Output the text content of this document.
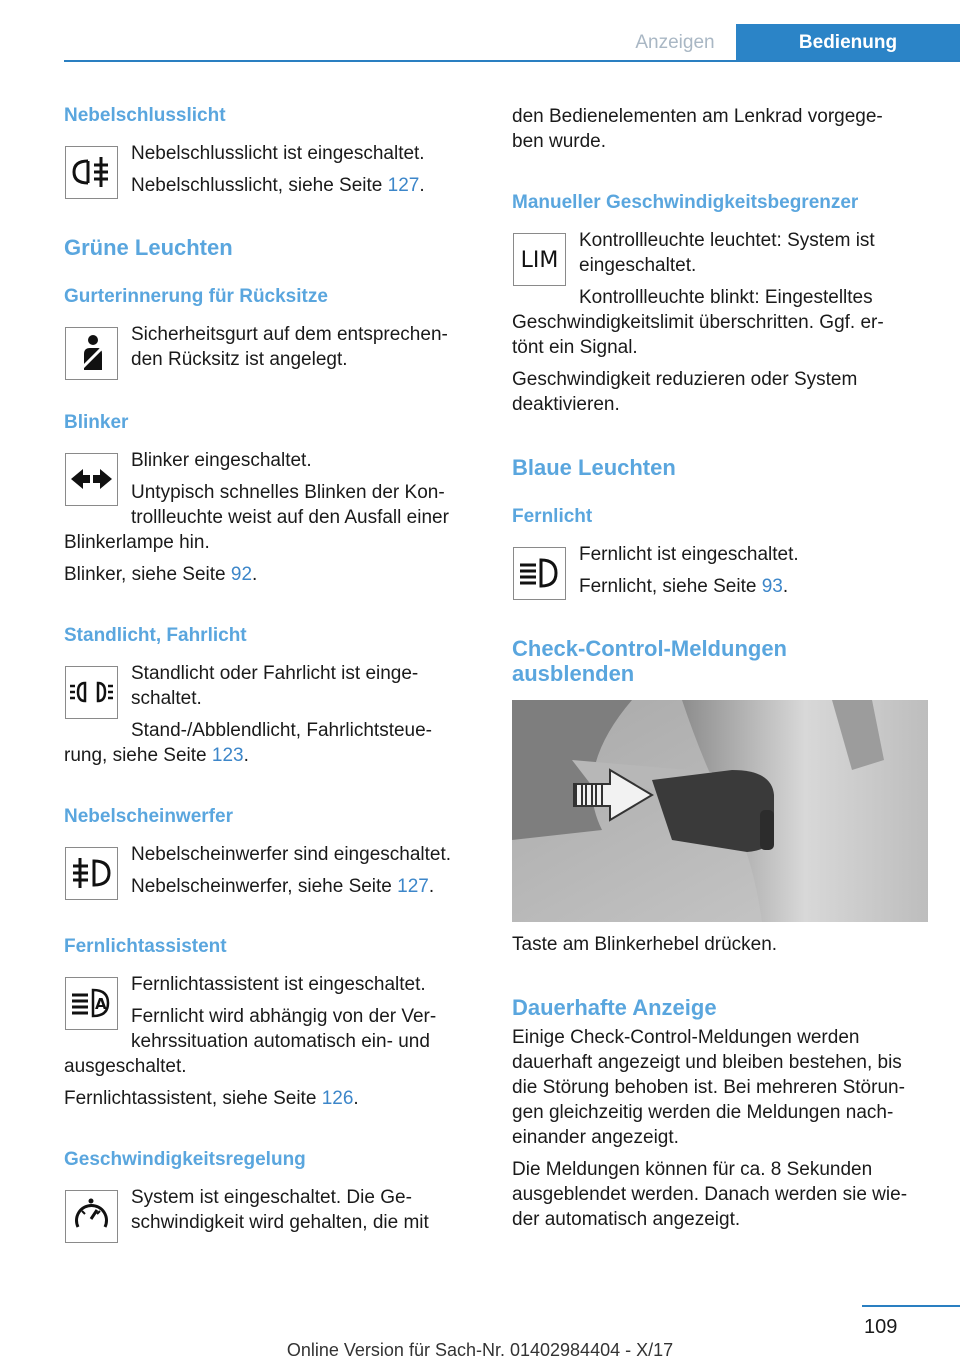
Anzeigen	Bedienung
Nebelschlusslicht
Nebelschlusslicht ist eingeschaltet.
Nebelschlusslicht, siehe Seite 127.
Grüne Leuchten
Gurterinnerung für Rücksitze
Sicherheitsgurt auf dem entsprechen‐
den Rücksitz ist angelegt.
Blinker
Blinker eingeschaltet.
Untypisch schnelles Blinken der Kon‐
trollleuchte weist auf den Ausfall einer
Blinkerlampe hin.
Blinker, siehe Seite 92.
Standlicht, Fahrlicht
Standlicht oder Fahrlicht ist einge‐
schaltet.
Stand-/Abblendlicht, Fahrlichtsteue‐
rung, siehe Seite 123.
Nebelscheinwerfer
Nebelscheinwerfer sind eingeschaltet.
Nebelscheinwerfer, siehe Seite 127.
Fernlichtassistent
A
Fernlichtassistent ist eingeschaltet.
Fernlicht wird abhängig von der Ver‐
kehrssituation automatisch ein- und
ausgeschaltet.
Fernlichtassistent, siehe Seite 126.
Geschwindigkeitsregelung
System ist eingeschaltet. Die Ge‐
schwindigkeit wird gehalten, die mit
den Bedienelementen am Lenkrad vorgege‐
ben wurde.
Manueller Geschwindigkeitsbegrenzer
LIM
Kontrollleuchte leuchtet: System ist
eingeschaltet.
Kontrollleuchte blinkt: Eingestelltes
Geschwindigkeitslimit überschritten. Ggf. er‐
tönt ein Signal.
Geschwindigkeit reduzieren oder System
deaktivieren.
Blaue Leuchten
Fernlicht
Fernlicht ist eingeschaltet.
Fernlicht, siehe Seite 93.
Check-Control-Meldungen
ausblenden
Taste am Blinkerhebel drücken.
Dauerhafte Anzeige
Einige Check-Control-Meldungen werden
dauerhaft angezeigt und bleiben bestehen, bis
die Störung behoben ist. Bei mehreren Störun‐
gen gleichzeitig werden die Meldungen nach‐
einander angezeigt.
Die Meldungen können für ca. 8 Sekunden
ausgeblendet werden. Danach werden sie wie‐
der automatisch angezeigt.
109
Online Version für Sach-Nr. 01402984404 - X/17
